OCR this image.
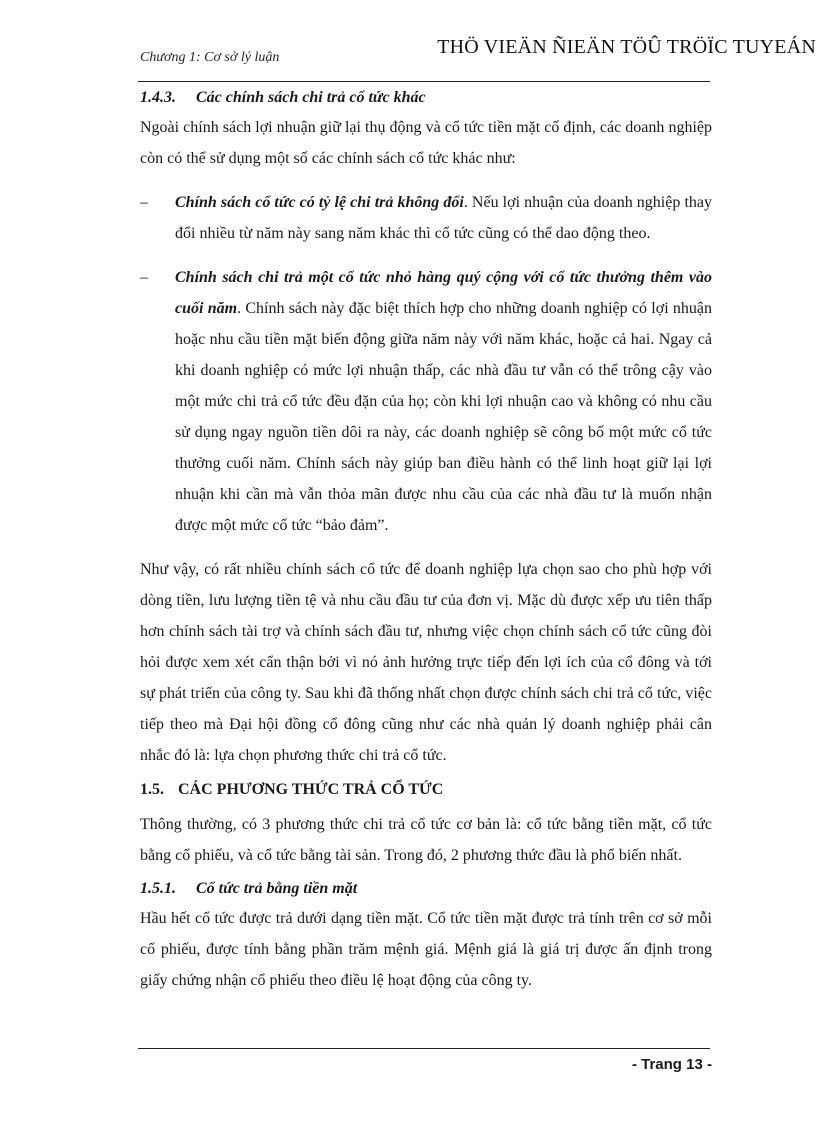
THÖ VIEÄN ÑIEÄN TÖÛ TRÖÏC TUYEÁN
Chương 1: Cơ sở lý luận
1.4.3. Các chính sách chi trả cổ tức khác
Ngoài chính sách lợi nhuận giữ lại thụ động và cổ tức tiền mặt cố định, các doanh nghiệp còn có thể sử dụng một số các chính sách cổ tức khác như:
– Chính sách cổ tức có tỷ lệ chi trả không đổi. Nếu lợi nhuận của doanh nghiệp thay đổi nhiều từ năm này sang năm khác thì cổ tức cũng có thể dao động theo.
– Chính sách chi trả một cổ tức nhỏ hàng quý cộng với cổ tức thưởng thêm vào cuối năm. Chính sách này đặc biệt thích hợp cho những doanh nghiệp có lợi nhuận hoặc nhu cầu tiền mặt biến động giữa năm này với năm khác, hoặc cả hai. Ngay cả khi doanh nghiệp có mức lợi nhuận thấp, các nhà đầu tư vẫn có thể trông cậy vào một mức chi trả cổ tức đều đặn của họ; còn khi lợi nhuận cao và không có nhu cầu sử dụng ngay nguồn tiền dôi ra này, các doanh nghiệp sẽ công bố một mức cổ tức thưởng cuối năm. Chính sách này giúp ban điều hành có thể linh hoạt giữ lại lợi nhuận khi cần mà vẫn thỏa mãn được nhu cầu của các nhà đầu tư là muốn nhận được một mức cổ tức “bảo đảm”.
Như vậy, có rất nhiều chính sách cổ tức để doanh nghiệp lựa chọn sao cho phù hợp với dòng tiền, lưu lượng tiền tệ và nhu cầu đầu tư của đơn vị. Mặc dù được xếp ưu tiên thấp hơn chính sách tài trợ và chính sách đầu tư, nhưng việc chọn chính sách cổ tức cũng đòi hỏi được xem xét cẩn thận bởi vì nó ảnh hưởng trực tiếp đến lợi ích của cổ đông và tới sự phát triển của công ty. Sau khi đã thống nhất chọn được chính sách chi trả cổ tức, việc tiếp theo mà Đại hội đồng cổ đông cũng như các nhà quản lý doanh nghiệp phải cân nhắc đó là: lựa chọn phương thức chi trả cổ tức.
1.5. CÁC PHƯƠNG THỨC TRẢ CỔ TỨC
Thông thường, có 3 phương thức chi trả cổ tức cơ bản là: cổ tức bằng tiền mặt, cổ tức bằng cổ phiếu, và cổ tức bằng tài sản. Trong đó, 2 phương thức đầu là phổ biến nhất.
1.5.1. Cổ tức trả bằng tiền mặt
Hầu hết cổ tức được trả dưới dạng tiền mặt. Cổ tức tiền mặt được trả tính trên cơ sở mỗi cổ phiếu, được tính bằng phần trăm mệnh giá. Mệnh giá là giá trị được ấn định trong giấy chứng nhận cổ phiếu theo điều lệ hoạt động của công ty.
- Trang 13 -
